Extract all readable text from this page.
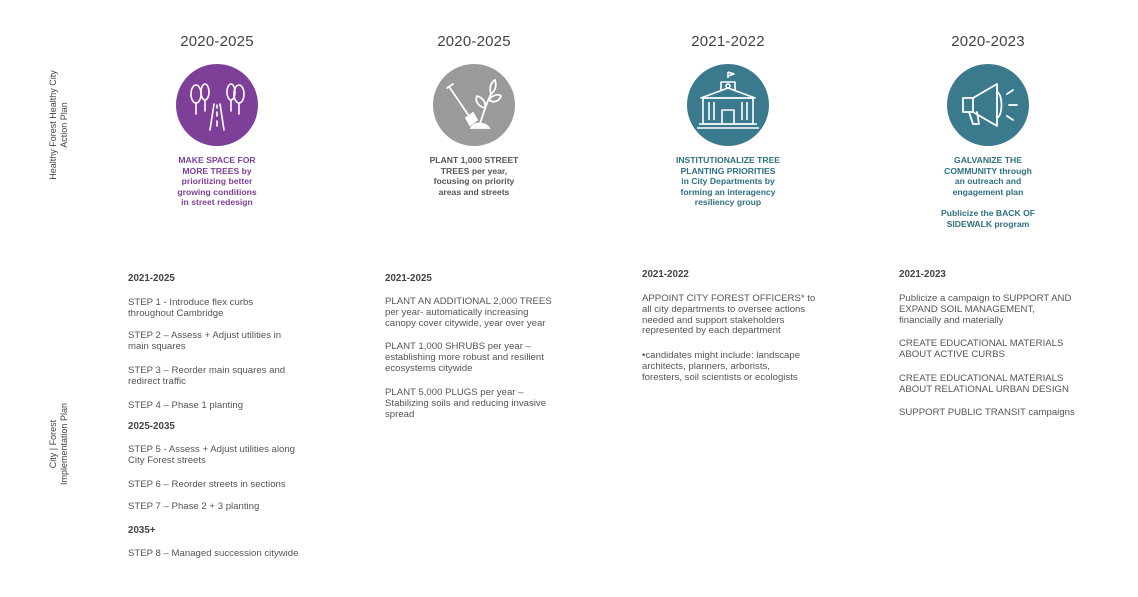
Healthy Forest Healthy City Action Plan
City | Forest Implementation Plan
2020-2025
MAKE SPACE FOR
MORE TREES by
prioritizing better
growing conditions
in street redesign
2020-2025
PLANT 1,000 STREET
TREES per year,
focusing on priority
areas and streets
2021-2022
INSTITUTIONALIZE TREE
PLANTING PRIORITIES
in City Departments by
forming an interagency
resiliency group
2020-2023
GALVANIZE THE
COMMUNITY through
an outreach and
engagement plan
Publicize the BACK OF
SIDEWALK program

2021-2025

STEP 1 - Introduce flex curbs
throughout Cambridge

STEP 2 – Assess + Adjust utilities in
main squares

STEP 3 – Reorder main squares and
redirect traffic

STEP 4 – Phase 1 planting

2025-2035

STEP 5 - Assess + Adjust utilities along
City Forest streets

STEP 6 – Reorder streets in sections

STEP 7 – Phase 2 + 3 planting

2035+

STEP 8 – Managed succession citywide

2021-2025

PLANT AN ADDITIONAL 2,000 TREES
per year- automatically increasing
canopy cover citywide, year over year

PLANT 1,000 SHRUBS per year –
establishing more robust and resilient
ecosystems citywide

PLANT 5,000 PLUGS per year –
Stabilizing soils and reducing invasive
spread

2021-2022

APPOINT CITY FOREST OFFICERS* to
all city departments to oversee actions
needed and support stakeholders
represented by each department

•candidates might include: landscape
architects, planners, arborists,
foresters, soil scientists or ecologists

2021-2023

Publicize a campaign to SUPPORT AND
EXPAND SOIL MANAGEMENT,
financially and materially

CREATE EDUCATIONAL MATERIALS
ABOUT ACTIVE CURBS

CREATE EDUCATIONAL MATERIALS
ABOUT RELATIONAL URBAN DESIGN

SUPPORT PUBLIC TRANSIT campaigns
